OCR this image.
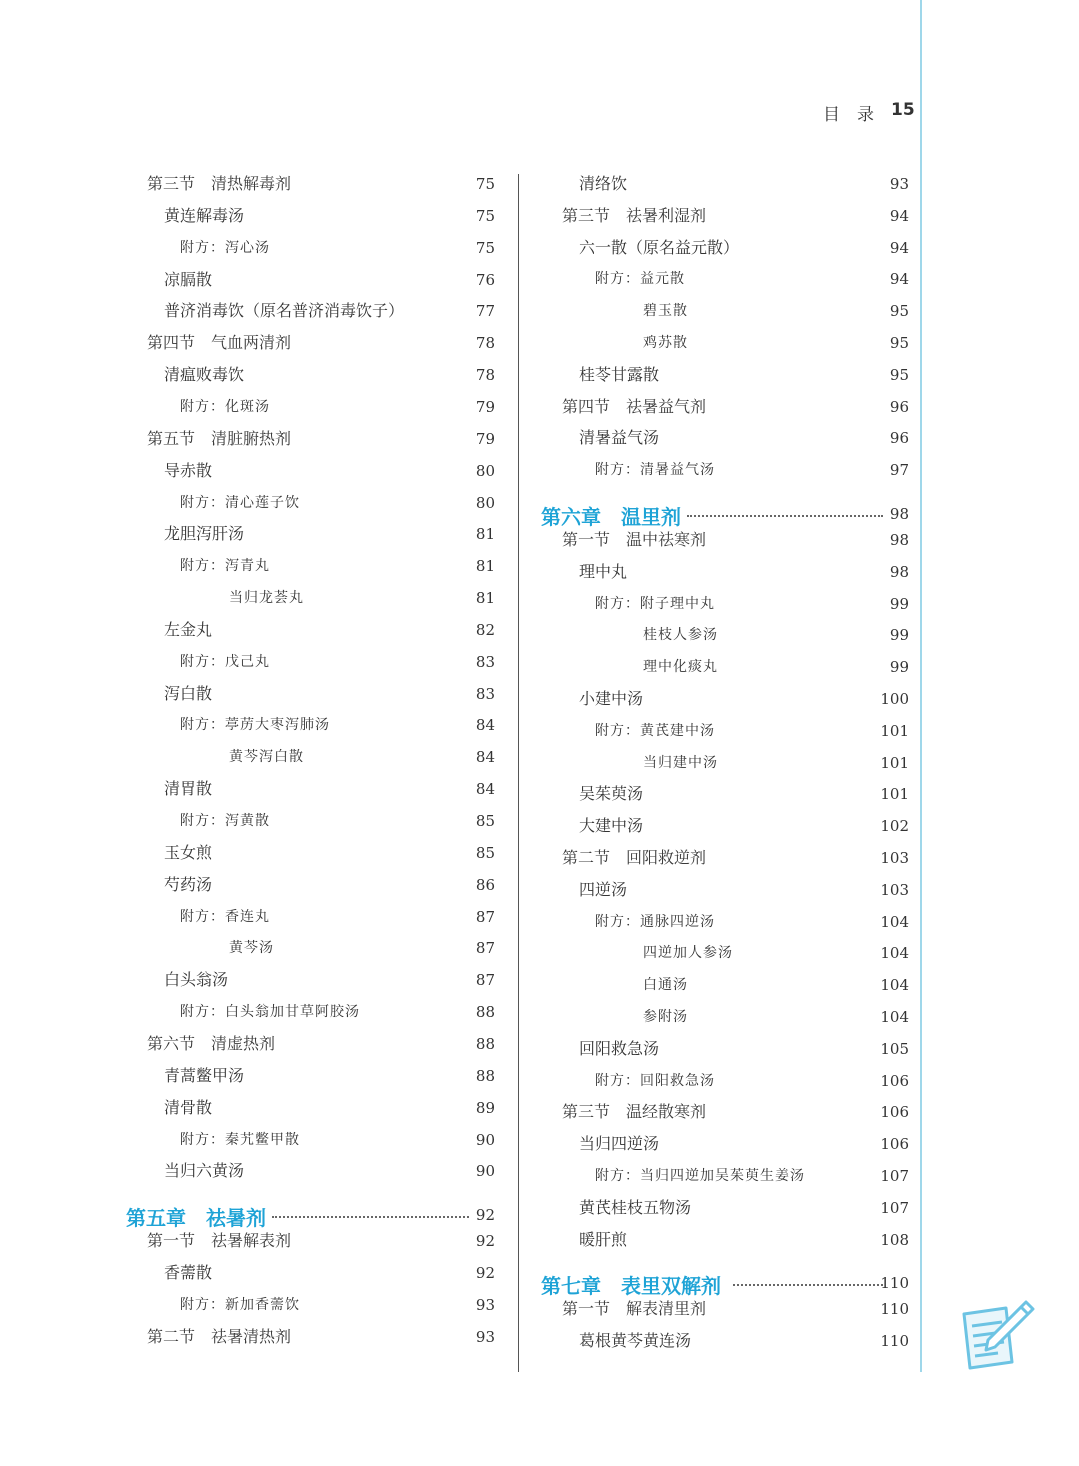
目 录 15
第三节　清热解毒剂	75
黄连解毒汤	75
附方：泻心汤	75
凉膈散	76
普济消毒饮（原名普济消毒饮子）	77
第四节　气血两清剂	78
清瘟败毒饮	78
附方：化斑汤	79
第五节　清脏腑热剂	79
导赤散	80
附方：清心莲子饮	80
龙胆泻肝汤	81
附方：泻青丸	81
当归龙荟丸	81
左金丸	82
附方：戊己丸	83
泻白散	83
附方：葶苈大枣泻肺汤	84
黄芩泻白散	84
清胃散	84
附方：泻黄散	85
玉女煎	85
芍药汤	86
附方：香连丸	87
黄芩汤	87
白头翁汤	87
附方：白头翁加甘草阿胶汤	88
第六节　清虚热剂	88
青蒿鳖甲汤	88
清骨散	89
附方：秦艽鳖甲散	90
当归六黄汤	90
第五章　祛暑剂	92
第一节　祛暑解表剂	92
香薷散	92
附方：新加香薷饮	93
第二节　祛暑清热剂	93
清络饮	93
第三节　祛暑利湿剂	94
六一散（原名益元散）	94
附方：益元散	94
碧玉散	95
鸡苏散	95
桂苓甘露散	95
第四节　祛暑益气剂	96
清暑益气汤	96
附方：清暑益气汤	97
第六章　温里剂	98
第一节　温中祛寒剂	98
理中丸	98
附方：附子理中丸	99
桂枝人参汤	99
理中化痰丸	99
小建中汤	100
附方：黄芪建中汤	101
当归建中汤	101
吴茱萸汤	101
大建中汤	102
第二节　回阳救逆剂	103
四逆汤	103
附方：通脉四逆汤	104
四逆加人参汤	104
白通汤	104
参附汤	104
回阳救急汤	105
附方：回阳救急汤	106
第三节　温经散寒剂	106
当归四逆汤	106
附方：当归四逆加吴茱萸生姜汤	107
黄芪桂枝五物汤	107
暖肝煎	108
第七章　表里双解剂	110
第一节　解表清里剂	110
葛根黄芩黄连汤	110
